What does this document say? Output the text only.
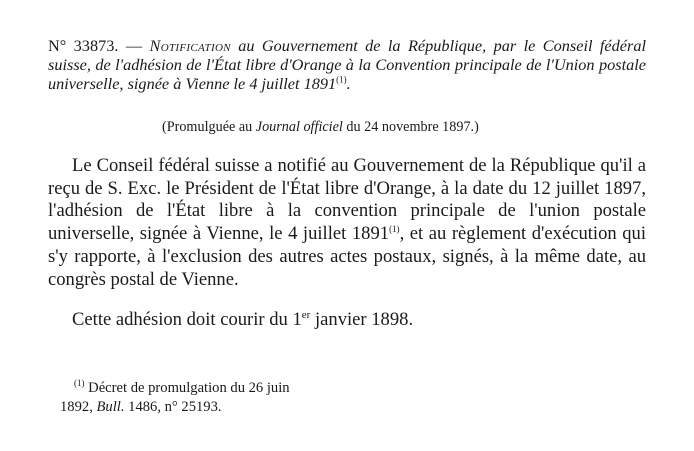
N° 33873. — Notification au Gouvernement de la République, par le Conseil fédéral suisse, de l'adhésion de l'État libre d'Orange à la Convention principale de l'Union postale universelle, signée à Vienne le 4 juillet 1891$^{(1)}$.
(Promulguée au Journal officiel du 24 novembre 1897.)

Le Conseil fédéral suisse a notifié au Gouvernement de la République qu'il a reçu de S. Exc. le Président de l'État libre d'Orange, à la date du 12 juillet 1897, l'adhésion de l'État libre à la convention principale de l'union postale universelle, signée à Vienne, le 4 juillet 1891$^{(1)}$, et au règlement d'exécution qui s'y rapporte, à l'exclusion des autres actes postaux, signés, à la même date, au congrès postal de Vienne.

Cette adhésion doit courir du 1er janvier 1898.

$^{(1)}$ Décret de promulgation du 26 juin
1892, Bull. 1486, n° 25193.
